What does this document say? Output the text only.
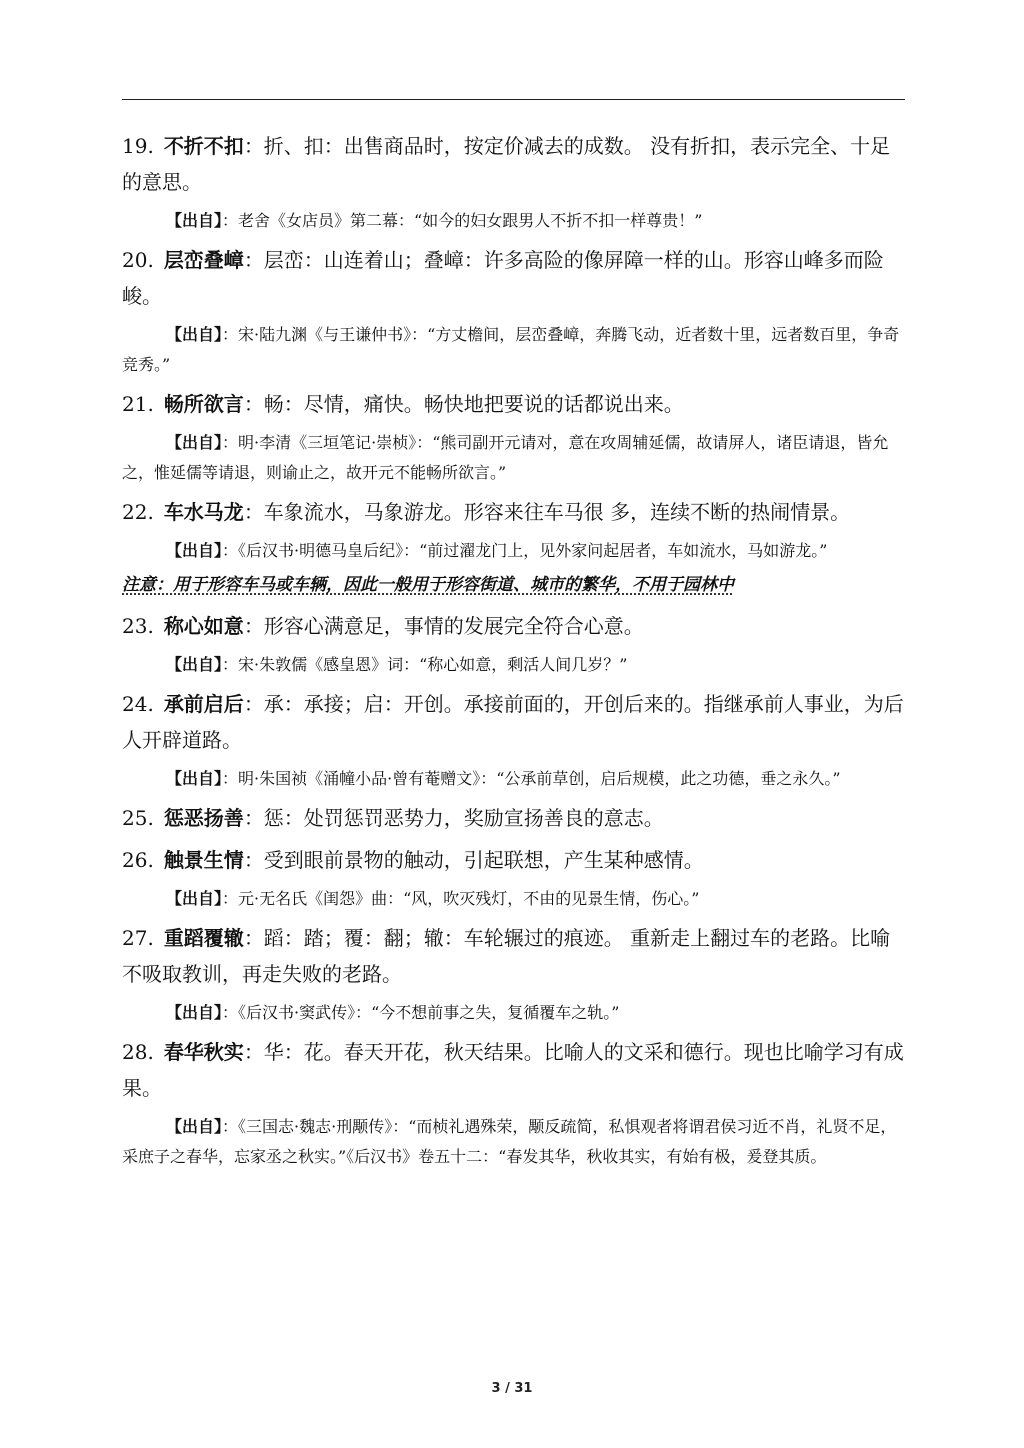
19. 不折不扣：折、扣：出售商品时，按定价减去的成数。 没有折扣，表示完全、十足的意思。
【出自】：老舍《女店员》第二幕：“如今的妇女跟男人不折不扣一样尊贵！”
20. 层峦叠嶂：层峦：山连着山；叠嶂：许多高险的像屏障一样的山。形容山峰多而险峻。
【出自】：宋·陆九渊《与王谦仲书》：“方丈檐间，层峦叠嶂，奔腾飞动，近者数十里，远者数百里，争奇竞秀。”
21. 畅所欲言：畅：尽情，痛快。畅快地把要说的话都说出来。
【出自】：明·李清《三垣笔记·崇桢》：“熊司副开元请对，意在攻周辅延儒，故请屏人，诸臣请退，皆允之，惟延儒等请退，则谕止之，故开元不能畅所欲言。”
22. 车水马龙：车象流水，马象游龙。形容来往车马很 多，连续不断的热闹情景。
【出自】：《后汉书·明德马皇后纪》：“前过濯龙门上，见外家问起居者，车如流水，马如游龙。”
注意：用于形容车马或车辆，因此一般用于形容街道、城市的繁华，不用于园林中
23. 称心如意：形容心满意足，事情的发展完全符合心意。
【出自】：宋·朱敦儒《感皇恩》词：“称心如意，剩活人间几岁？”
24. 承前启后：承：承接；启：开创。承接前面的，开创后来的。指继承前人事业，为后人开辟道路。
【出自】：明·朱国祯《涌幢小品·曾有菴赠文》：“公承前草创，启后规模，此之功德，垂之永久。”
25. 惩恶扬善：惩：处罚惩罚恶势力，奖励宣扬善良的意志。
26. 触景生情：受到眼前景物的触动，引起联想，产生某种感情。
【出自】：元·无名氏《闺怨》曲：“风，吹灭残灯，不由的见景生情，伤心。”
27. 重蹈覆辙：蹈：踏；覆：翻；辙：车轮辗过的痕迹。 重新走上翻过车的老路。比喻不吸取教训，再走失败的老路。
【出自】：《后汉书·窦武传》：“今不想前事之失，复循覆车之轨。”
28. 春华秋实：华：花。春天开花，秋天结果。比喻人的文采和德行。现也比喻学习有成果。
【出自】：《三国志·魏志·刑颙传》：“而桢礼遇殊荣，颙反疏简，私惧观者将谓君侯习近不肖，礼贤不足，采庶子之春华，忘家丞之秋实。”《后汉书》卷五十二：“春发其华，秋收其实，有始有极，爰登其质。
3 / 31
